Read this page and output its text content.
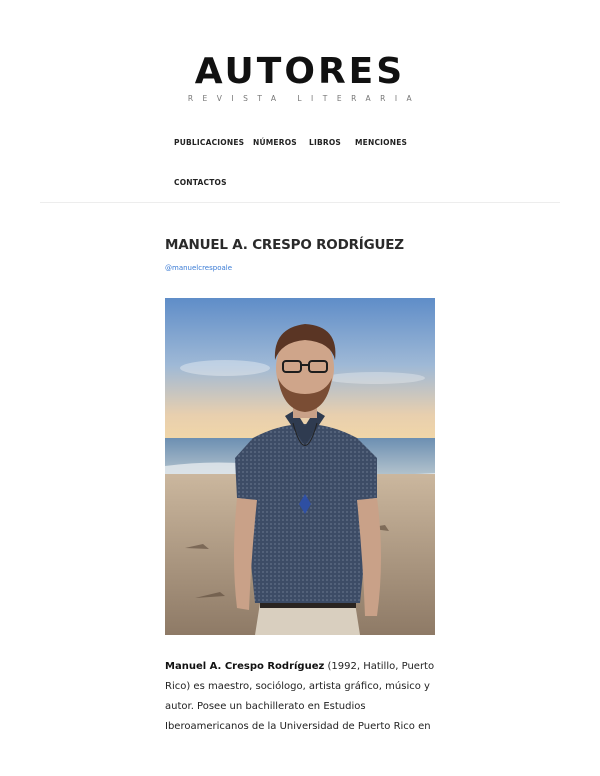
AUTORES
REVISTA LITERARIA
PUBLICACIONES NÚMEROS LIBROS MENCIONES
CONTACTOS
MANUEL A. CRESPO RODRÍGUEZ
@manuelcrespoale

Manuel A. Crespo Rodríguez (1992, Hatillo, Puerto Rico) es maestro, sociólogo, artista gráfico, músico y autor. Posee un bachillerato en Estudios Iberoamericanos de la Universidad de Puerto Rico en
